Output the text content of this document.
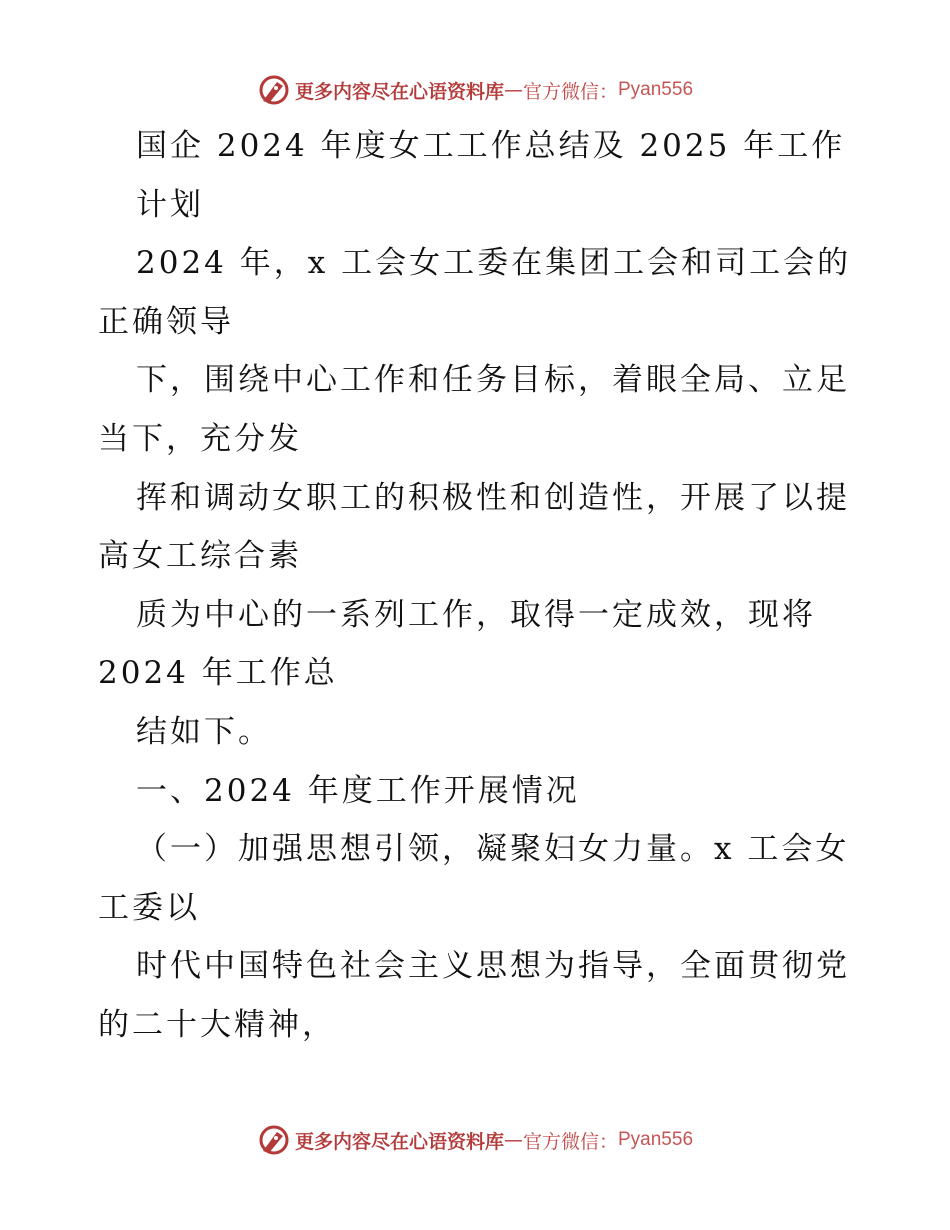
更多内容尽在心语资料库 — 官方微信： Pyan556
国企 2024 年度女工工作总结及 2025 年工作
计划
2024 年，x 工会女工委在集团工会和司工会的
正确领导
下，围绕中心工作和任务目标，着眼全局、立足
当下，充分发
挥和调动女职工的积极性和创造性，开展了以提
高女工综合素
质为中心的一系列工作，取得一定成效，现将
2024 年工作总
结如下。
一、2024 年度工作开展情况
（一）加强思想引领，凝聚妇女力量。x 工会女
工委以
时代中国特色社会主义思想为指导，全面贯彻党
的二十大精神，
更多内容尽在心语资料库 — 官方微信： Pyan556
